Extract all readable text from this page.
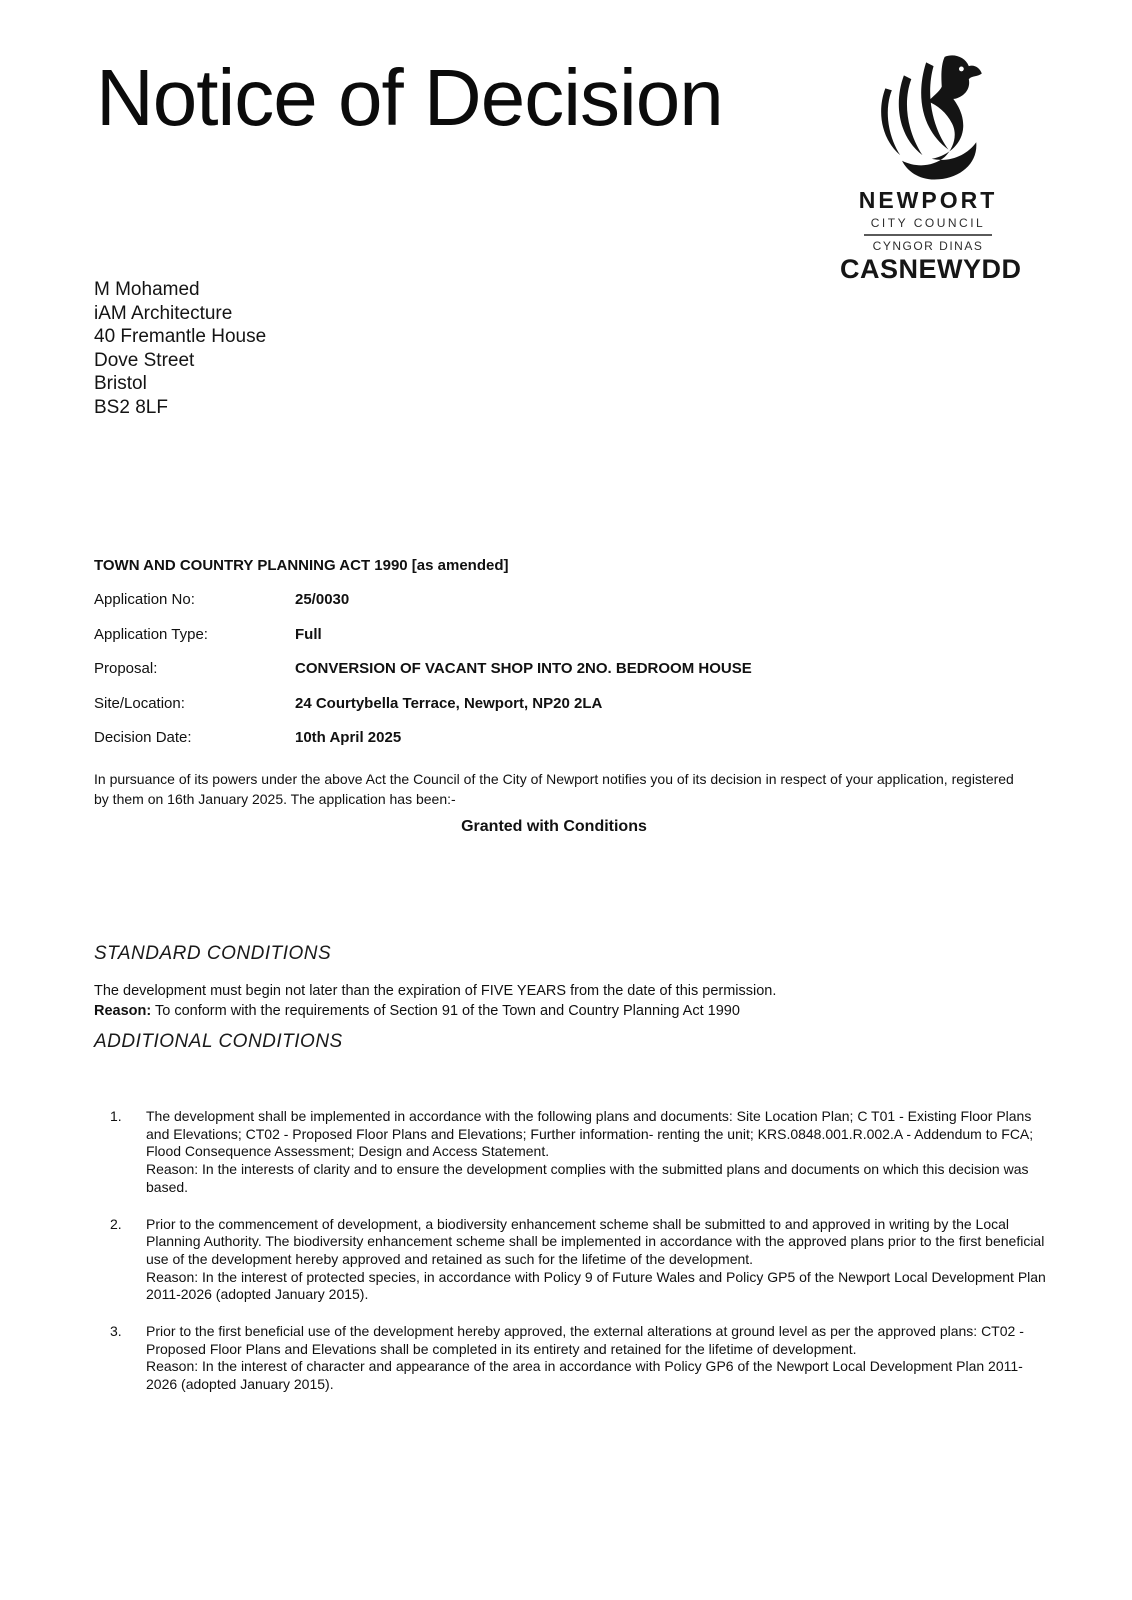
Notice of Decision
NEWPORT
CITY COUNCIL
CYNGOR DINAS
CASNEWYDD
M Mohamed
iAM Architecture
40 Fremantle House
Dove Street
Bristol
BS2 8LF
TOWN AND COUNTRY PLANNING ACT 1990 [as amended]
Application No:	25/0030
Application Type:	Full
Proposal:	CONVERSION OF VACANT SHOP INTO 2NO. BEDROOM HOUSE
Site/Location:	24 Courtybella Terrace, Newport, NP20 2LA
Decision Date:	10th April 2025

In pursuance of its powers under the above Act the Council of the City of Newport notifies you of its decision in respect of your application, registered by them on 16th January 2025. The application has been:-

Granted with Conditions

STANDARD CONDITIONS

The development must begin not later than the expiration of FIVE YEARS from the date of this permission.
Reason: To conform with the requirements of Section 91 of the Town and Country Planning Act 1990

ADDITIONAL CONDITIONS
1.	The development shall be implemented in accordance with the following plans and documents: Site Location Plan; C T01 - Existing Floor Plans and Elevations; CT02 - Proposed Floor Plans and Elevations; Further information- renting the unit; KRS.0848.001.R.002.A - Addendum to FCA; Flood Consequence Assessment; Design and Access Statement.
Reason: In the interests of clarity and to ensure the development complies with the submitted plans and documents on which this decision was based.
2.	Prior to the commencement of development, a biodiversity enhancement scheme shall be submitted to and approved in writing by the Local Planning Authority. The biodiversity enhancement scheme shall be implemented in accordance with the approved plans prior to the first beneficial use of the development hereby approved and retained as such for the lifetime of the development.
Reason: In the interest of protected species, in accordance with Policy 9 of Future Wales and Policy GP5 of the Newport Local Development Plan 2011-2026 (adopted January 2015).
3.	Prior to the first beneficial use of the development hereby approved, the external alterations at ground level as per the approved plans: CT02 - Proposed Floor Plans and Elevations shall be completed in its entirety and retained for the lifetime of development.
Reason: In the interest of character and appearance of the area in accordance with Policy GP6 of the Newport Local Development Plan 2011-2026 (adopted January 2015).
